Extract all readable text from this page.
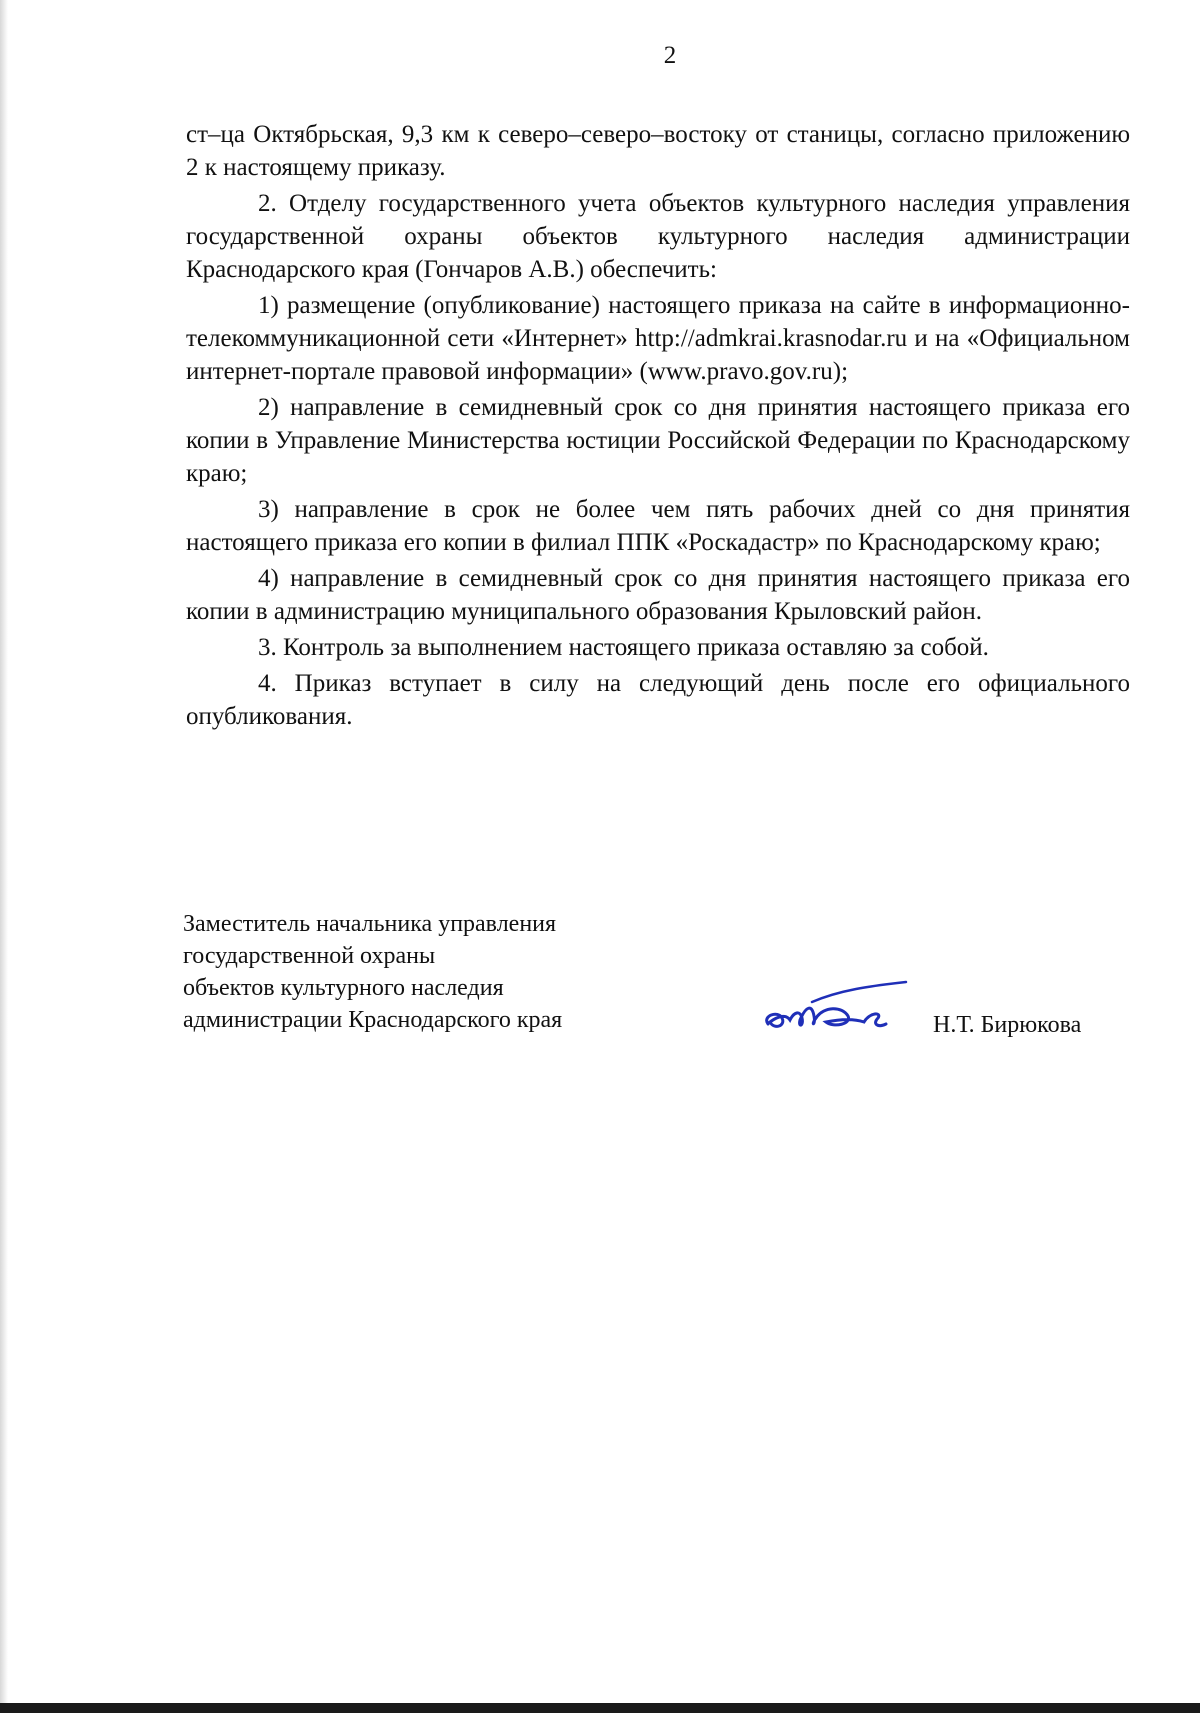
2

ст–ца Октябрьская, 9,3 км к северо–северо–востоку от станицы, согласно приложению 2 к настоящему приказу.

2. Отделу государственного учета объектов культурного наследия управления государственной охраны объектов культурного наследия администрации Краснодарского края (Гончаров А.В.) обеспечить:

1) размещение (опубликование) настоящего приказа на сайте в информационно-телекоммуникационной сети «Интернет» http://admkrai.krasnodar.ru и на «Официальном интернет-портале правовой информации» (www.pravo.gov.ru);

2) направление в семидневный срок со дня принятия настоящего приказа его копии в Управление Министерства юстиции Российской Федерации по Краснодарскому краю;

3) направление в срок не более чем пять рабочих дней со дня принятия настоящего приказа его копии в филиал ППК «Роскадастр» по Краснодарскому краю;

4) направление в семидневный срок со дня принятия настоящего приказа его копии в администрацию муниципального образования Крыловский район.

3. Контроль за выполнением настоящего приказа оставляю за собой.

4. Приказ вступает в силу на следующий день после его официального опубликования.

Заместитель начальника управления
государственной охраны
объектов культурного наследия
администрации Краснодарского края	Н.Т. Бирюкова
